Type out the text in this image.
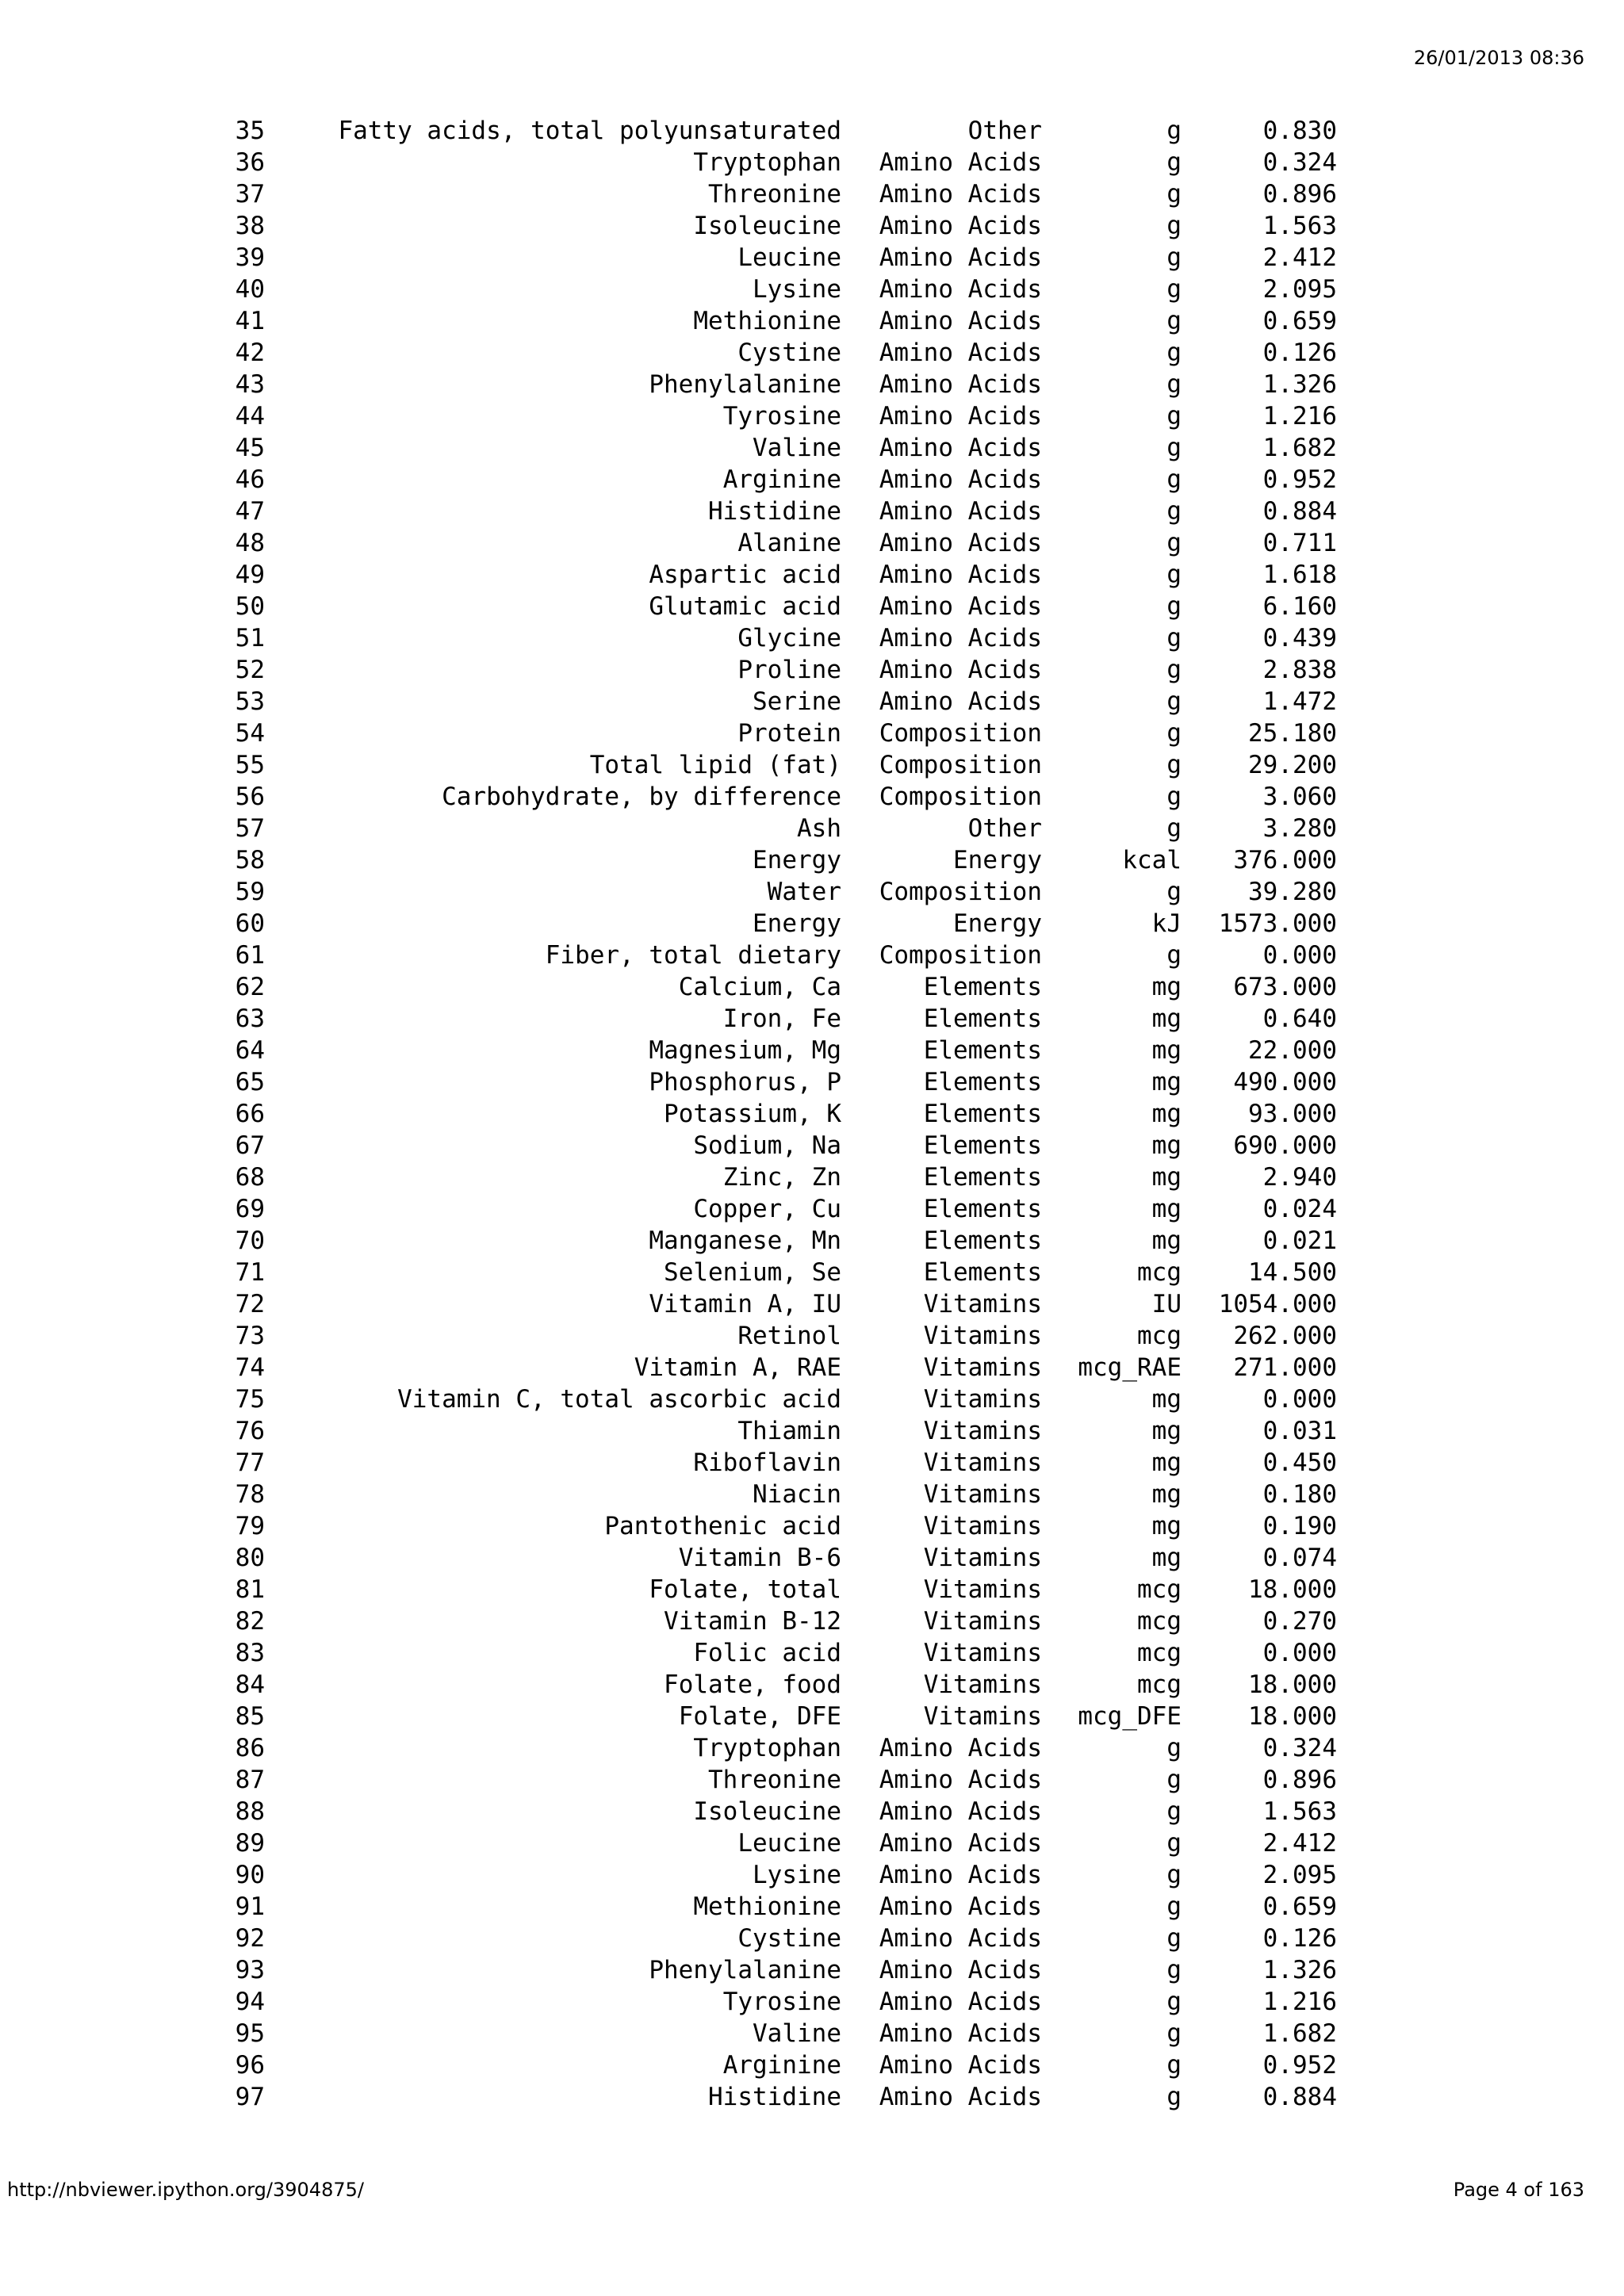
26/01/2013 08:36
35	Fatty acids, total polyunsaturated	Other	g	0.830
36	Tryptophan Amino Acids	g	0.324
37	Threonine Amino Acids	g	0.896
38	Isoleucine Amino Acids	g	1.563
39	Leucine Amino Acids	g	2.412
40	Lysine Amino Acids	g	2.095
41	Methionine Amino Acids	g	0.659
42	Cystine Amino Acids	g	0.126
43	Phenylalanine Amino Acids	g	1.326
44	Tyrosine Amino Acids	g	1.216
45	Valine Amino Acids	g	1.682
46	Arginine Amino Acids	g	0.952
47	Histidine Amino Acids	g	0.884
48	Alanine Amino Acids	g	0.711
49	Aspartic acid Amino Acids	g	1.618
50	Glutamic acid Amino Acids	g	6.160
51	Glycine Amino Acids	g	0.439
52	Proline Amino Acids	g	2.838
53	Serine Amino Acids	g	1.472
54	Protein Composition	g	25.180
55	Total lipid (fat) Composition	g	29.200
56	Carbohydrate, by difference Composition	g	3.060
57	Ash	Other	g	3.280
58	Energy	Energy	kcal 376.000
59	Water Composition	g	39.280
60	Energy	Energy	kJ 1573.000
61	Fiber, total dietary Composition	g	0.000
62	Calcium, Ca	Elements	mg 673.000
63	Iron, Fe	Elements	mg	0.640
64	Magnesium, Mg	Elements	mg	22.000
65	Phosphorus, P	Elements	mg 490.000
66	Potassium, K	Elements	mg	93.000
67	Sodium, Na	Elements	mg 690.000
68	Zinc, Zn	Elements	mg	2.940
69	Copper, Cu	Elements	mg	0.024
70	Manganese, Mn	Elements	mg	0.021
71	Selenium, Se	Elements	mcg	14.500
72	Vitamin A, IU	Vitamins	IU 1054.000
73	Retinol	Vitamins	mcg 262.000
74	Vitamin A, RAE	Vitamins mcg_RAE 271.000
75	Vitamin C, total ascorbic acid	Vitamins	mg	0.000
76	Thiamin	Vitamins	mg	0.031
77	Riboflavin	Vitamins	mg	0.450
78	Niacin	Vitamins	mg	0.180
79	Pantothenic acid	Vitamins	mg	0.190
80	Vitamin B-6	Vitamins	mg	0.074
81	Folate, total	Vitamins	mcg	18.000
82	Vitamin B-12	Vitamins	mcg	0.270
83	Folic acid	Vitamins	mcg	0.000
84	Folate, food	Vitamins	mcg	18.000
85	Folate, DFE	Vitamins mcg_DFE	18.000
86	Tryptophan Amino Acids	g	0.324
87	Threonine Amino Acids	g	0.896
88	Isoleucine Amino Acids	g	1.563
89	Leucine Amino Acids	g	2.412
90	Lysine Amino Acids	g	2.095
91	Methionine Amino Acids	g	0.659
92	Cystine Amino Acids	g	0.126
93	Phenylalanine Amino Acids	g	1.326
94	Tyrosine Amino Acids	g	1.216
95	Valine Amino Acids	g	1.682
96	Arginine Amino Acids	g	0.952
97	Histidine Amino Acids	g	0.884
http://nbviewer.ipython.org/3904875/	Page 4 of 163
